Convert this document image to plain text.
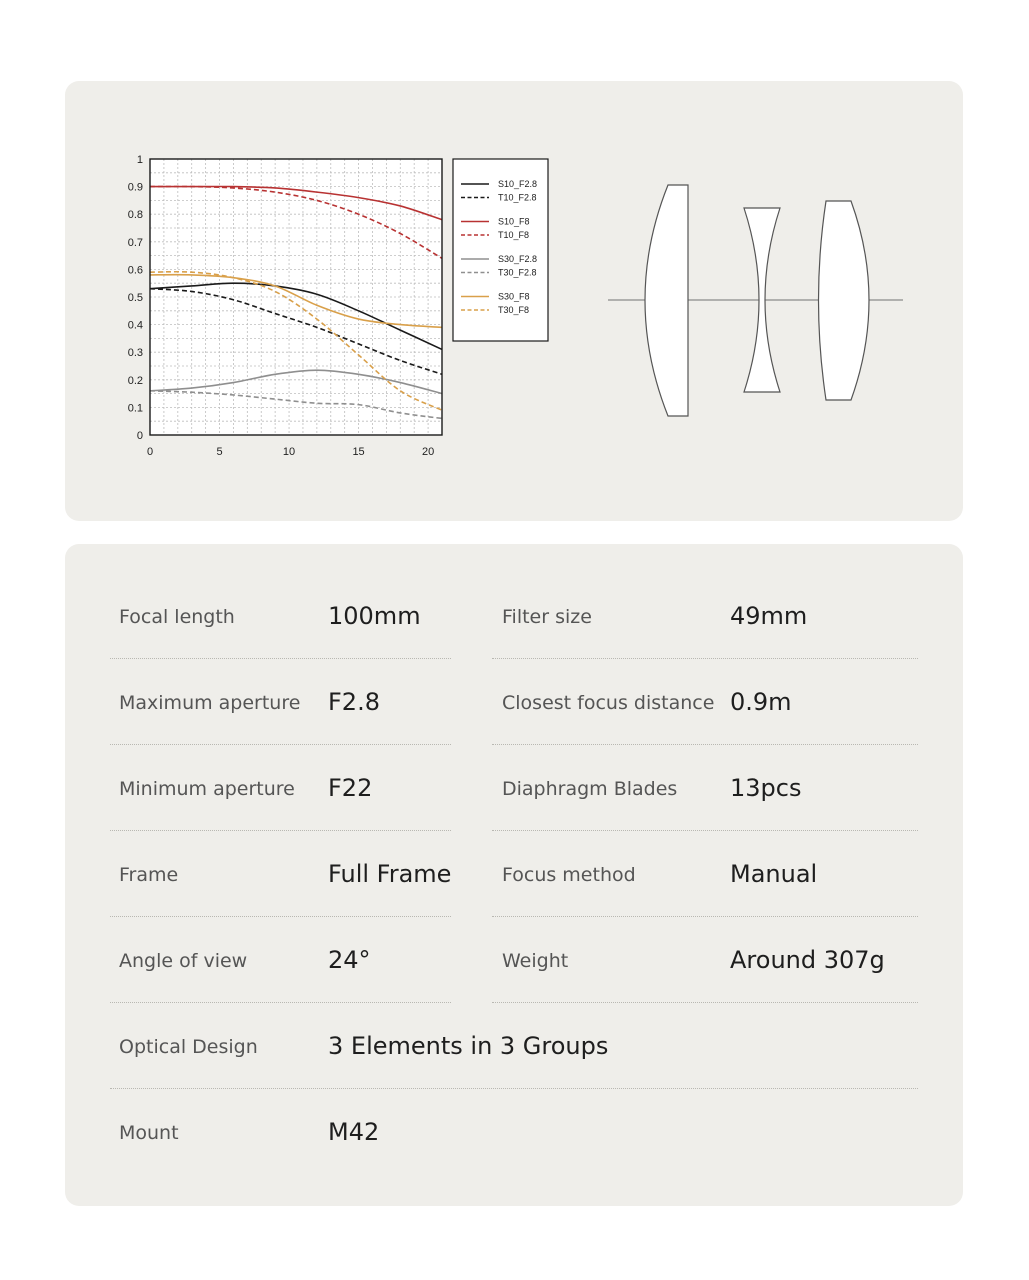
0	5	10	15	20
0
0.1
0.2
0.3
0.4
0.5
0.6
0.7
0.8
0.9
1
S10_F2.8
T10_F2.8
S10_F8
T10_F8
S30_F2.8
T30_F2.8
S30_F8
T30_F8
Focal length	100mm	Filter size	49mm
Maximum aperture F2.8	Closest focus distance 0.9m
Minimum aperture F22	Diaphragm Blades 13pcs
Frame	Full Frame	Focus method	Manual
Angle of view	24°	Weight	Around 307g
Optical Design	3 Elements in 3 Groups
Mount	M42
